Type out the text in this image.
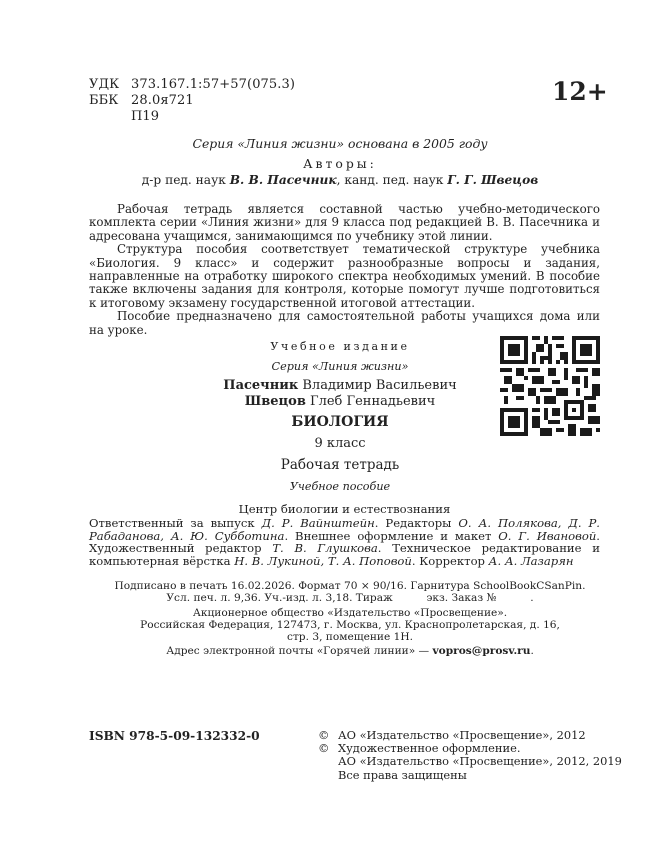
УДК 373.167.1:57+57(075.3)
ББК 28.0я721
П19
12+
Серия «Линия жизни» основана в 2005 году
Авторы:
д-р пед. наук В. В. Пасечник, канд. пед. наук Г. Г. Швецов

Рабочая тетрадь является составной частью учебно-методического комплекта серии «Линия жизни» для 9 класса под редакцией В. В. Пасечника и адресована учащимся, занимающимся по учебнику этой линии.

Структура пособия соответствует тематической структуре учебника «Биология. 9 класс» и содержит разнообразные вопросы и задания, направленные на отработку широкого спектра необходимых умений. В пособие также включены задания для контроля, которые помогут лучше подготовиться к итоговому экзамену государственной итоговой аттестации.

Пособие предназначено для самостоятельной работы учащихся дома или на уроке.

Учебное издание
Серия «Линия жизни»
Пасечник Владимир Васильевич
Швецов Глеб Геннадьевич
БИОЛОГИЯ
9 класс
Рабочая тетрадь
Учебное пособие
Центр биологии и естествознания
Ответственный за выпуск Д. Р. Вайнштейн. Редакторы О. А. Полякова, Д. Р. Рабаданова, А. Ю. Субботина. Внешнее оформление и макет О. Г. Ивановой. Художественный редактор Т. В. Глушкова. Техническое редактирование и компьютерная вёрстка Н. В. Лукиной, Т. А. Поповой. Корректор А. А. Лазарян
Подписано в печать 16.02.2026. Формат 70 × 90/16. Гарнитура SchoolBookCSanPin.
Усл. печ. л. 9,36. Уч.-изд. л. 3,18. Тираж          экз. Заказ №          .
Акционерное общество «Издательство «Просвещение».
Российская Федерация, 127473, г. Москва, ул. Краснопролетарская, д. 16,
стр. 3, помещение 1Н.
Адрес электронной почты «Горячей линии» — vopros@prosv.ru.
ISBN 978-5-09-132332-0	© АО «Издательство «Просвещение», 2012
© Художественное оформление.
АО «Издательство «Просвещение», 2012, 2019
Все права защищены
